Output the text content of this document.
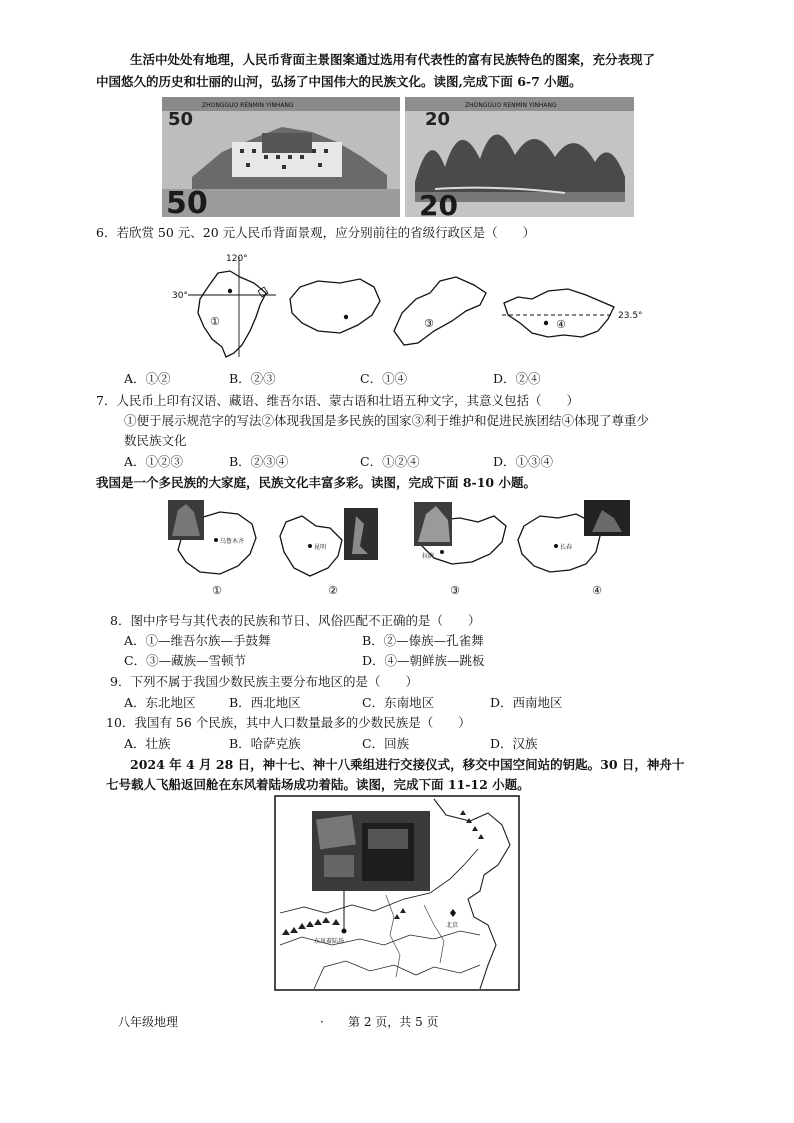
生活中处处有地理，人民币背面主景图案通过选用有代表性的富有民族特色的图案，充分表现了
中国悠久的历史和壮丽的山河，弘扬了中国伟大的民族文化。读图,完成下面 6-7 小题。
ZHONGGUO RENMIN YINHANG
50
50
ZHONGGUO RENMIN YINHANG
20
20
6．若欣赏 50 元、20 元人民币背面景观，应分别前往的省级行政区是（　　）
120°
30°
①	③	④
23.5°
A．①②	B．②③	C．①④	D．②④
7．人民币上印有汉语、藏语、维吾尔语、蒙古语和壮语五种文字，其意义包括（　　）
①便于展示规范字的写法②体现我国是多民族的国家③利于维护和促进民族团结④体现了尊重少
数民族文化
A．①②③	B．②③④	C．①②④	D．①③④
我国是一个多民族的大家庭，民族文化丰富多彩。读图，完成下面 8-10 小题。
乌鲁木齐
①
昆明
②
拉萨
③
长春
④
8．图中序号与其代表的民族和节日、风俗匹配不正确的是（　　）
A．①—维吾尔族—手鼓舞	B．②—傣族—孔雀舞
C．③—藏族—雪顿节	D．④—朝鲜族—跳板
9．下列不属于我国少数民族主要分布地区的是（　　）
A．东北地区	B．西北地区	C．东南地区	D．西南地区
10．我国有 56 个民族，其中人口数量最多的少数民族是（　　）
A．壮族	B．哈萨克族	C．回族	D．汉族
2024 年 4 月 28 日，神十七、神十八乘组进行交接仪式，移交中国空间站的钥匙。30 日，神舟十
七号载人飞船返回舱在东风着陆场成功着陆。读图，完成下面 11-12 小题。
东风着陆场
北京
八年级地理	· 第 2 页，共 5 页
